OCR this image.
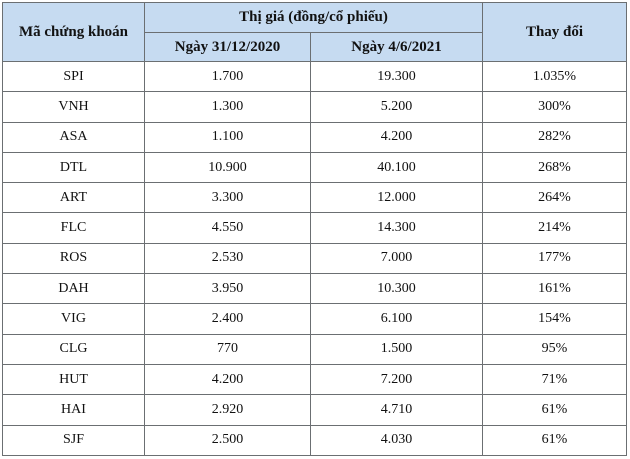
Mã chứng khoán	Thị giá (đồng/cổ phiếu)		Thay đổi
	Ngày 31/12/2020	Ngày 4/6/2021	
SPI	1.700	19.300	1.035%
VNH	1.300	5.200	300%
ASA	1.100	4.200	282%
DTL	10.900	40.100	268%
ART	3.300	12.000	264%
FLC	4.550	14.300	214%
ROS	2.530	7.000	177%
DAH	3.950	10.300	161%
VIG	2.400	6.100	154%
CLG	770	1.500	95%
HUT	4.200	7.200	71%
HAI	2.920	4.710	61%
SJF	2.500	4.030	61%
